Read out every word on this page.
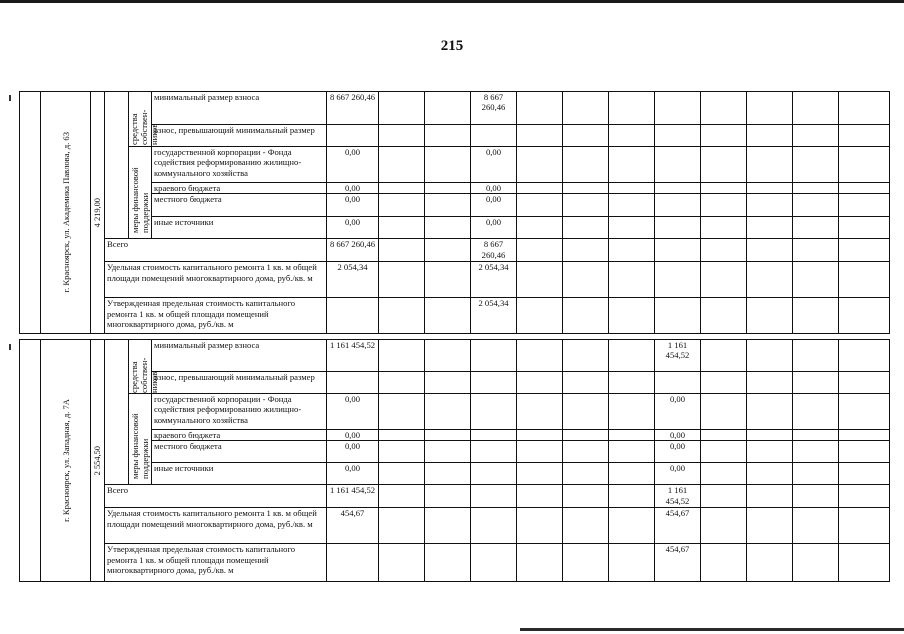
215

	г. Красноярск, ул. Академика Павлова, д. 63	4 219,00		средства собствен-ников	минимальный размер взноса	8 667 260,46			8 667 260,46								
					взнос, превышающий минимальный размер												

				меры финансовой поддержки	государственной корпорации - Фонда содействия реформированию жилищно-коммунального хозяйства	0,00			0,00								
					краевого бюджета	0,00			0,00								
					местного бюджета	0,00			0,00								
					иные источники	0,00			0,00								
			Всего			8 667 260,46			8 667 260,46								
			Удельная стоимость капитального ремонта 1 кв. м общей площади помещений многоквартирного дома, руб./кв. м			2 054,34			2 054,34								
			Утвержденная предельная стоимость капитального ремонта 1 кв. м общей площади помещений многоквартирного дома, руб./кв. м						2 054,34								

	г. Красноярск, ул. Западная, д. 7А	2 554,50		средства собствен-ников	минимальный размер взноса	1 161 454,52							1 161 454,52				
					взнос, превышающий минимальный размер												

				меры финансовой поддержки	государственной корпорации - Фонда содействия реформированию жилищно-коммунального хозяйства	0,00							0,00				
					краевого бюджета	0,00							0,00				
					местного бюджета	0,00							0,00				
					иные источники	0,00							0,00				
			Всего			1 161 454,52							1 161 454,52				
			Удельная стоимость капитального ремонта 1 кв. м общей площади помещений многоквартирного дома, руб./кв. м			454,67							454,67				
			Утвержденная предельная стоимость капитального ремонта 1 кв. м общей площади помещений многоквартирного дома, руб./кв. м										454,67				
